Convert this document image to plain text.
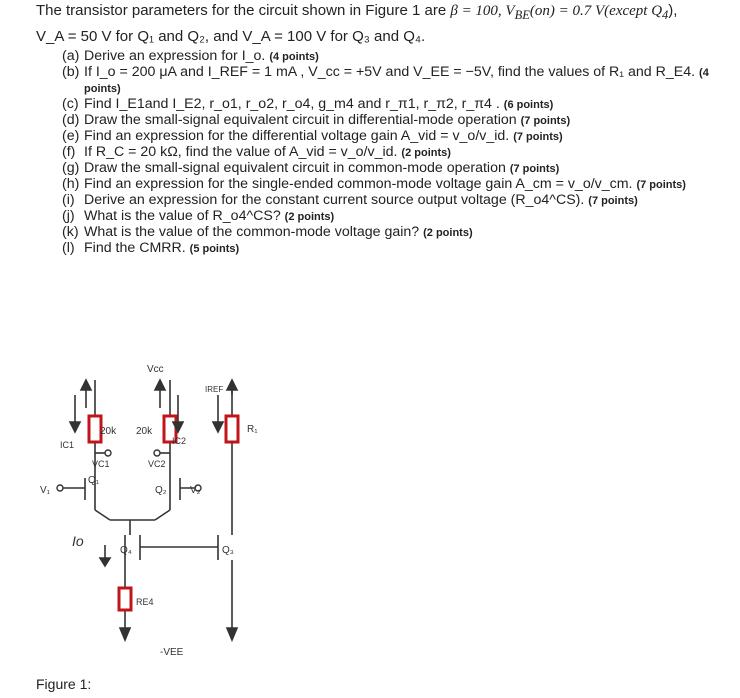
The transistor parameters for the circuit shown in Figure 1 are β = 100, $V_{BE}(on) = 0.7$ V(except $Q_4$),
V_A = 50 V for Q₁ and Q₂, and V_A = 100 V for Q₃ and Q₄.
(a) Derive an expression for I_o. (4 points)
(b) If I_o = 200 μA and I_REF = 1 mA , V_cc = +5V and V_EE = −5V, find the values of R₁ and R_E4. (4 points)
(c) Find I_E1and I_E2, r_o1, r_o2, r_o4, g_m4 and r_π1, r_π2, r_π4 . (6 points)
(d) Draw the small-signal equivalent circuit in differential-mode operation (7 points)
(e) Find an expression for the differential voltage gain A_vid = v_o/v_id. (7 points)
(f) If R_C = 20 kΩ, find the value of A_vid = v_o/v_id. (2 points)
(g) Draw the small-signal equivalent circuit in common-mode operation (7 points)
(h) Find an expression for the single-ended common-mode voltage gain A_cm = v_o/v_cm. (7 points)
(i) Derive an expression for the constant current source output voltage (R_o4^CS). (7 points)
(j) What is the value of R_o4^CS? (2 points)
(k) What is the value of the common-mode voltage gain? (2 points)
(l) Find the CMRR. (5 points)
Vcc
IREF
R₁
20k 20k
IC1	IC2
VC1	VC2
Q₁
Q₂
V₁	V₂
Q₄	Q₃
Io
RE4
-VEE
Figure 1:
